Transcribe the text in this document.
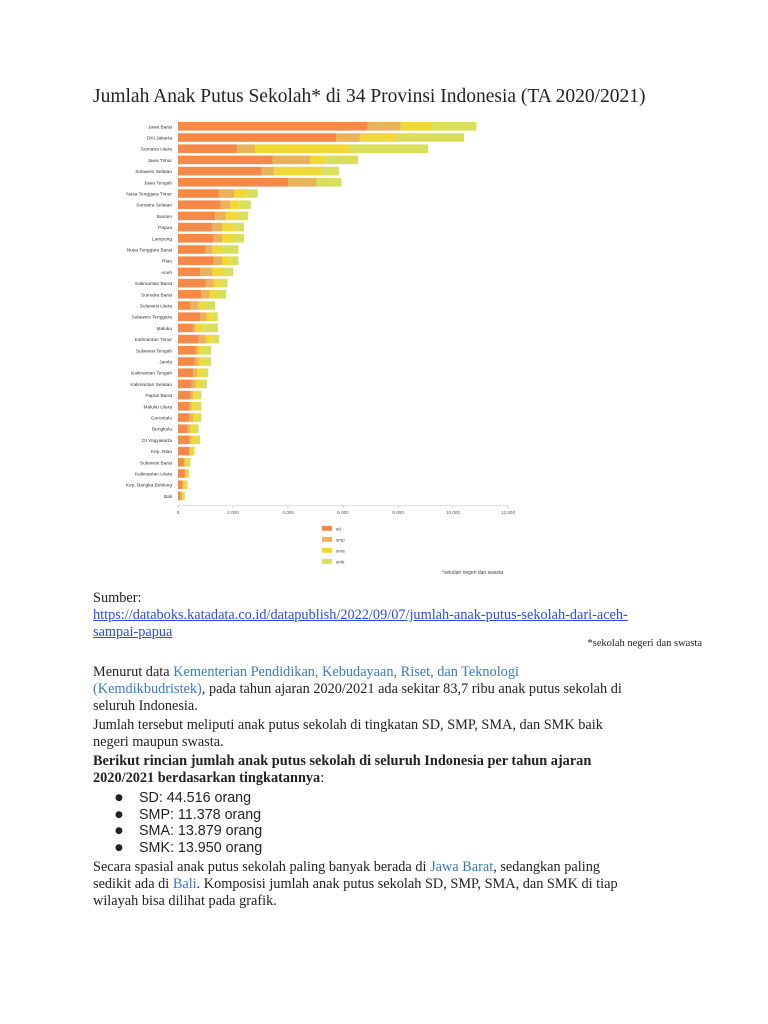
Jumlah Anak Putus Sekolah* di 34 Provinsi Indonesia (TA 2020/2021)
Jawa Barat
DKI Jakarta
Sumatra Utara
Jawa Timur
Sulawesi Selatan
Jawa Tengah
Nusa Tenggara Timur
Sumatra Selatan
Banten
Papua
Lampung
Nusa Tenggara Barat
Riau
Aceh
Kalimantan Barat
Sumatra Barat
Sulawesi Utara
Sulawesi Tenggara
Maluku
Kalimantan Timur
Sulawesi Tengah
Jambi
Kalimantan Tengah
Kalimantan Selatan
Papua Barat
Maluku Utara
Gorontalo
Bengkulu
DI Yogyakarta
Kep. Riau
Sulawesi Barat
Kalimantan Utara
Kep. Bangka Belitung
Bali
0	2.000	4.000	6.000	8.000	10.000	12.000
sd
smp
sma
smk
*sekolah negeri dan swasta
Sumber:
https://databoks.katadata.co.id/datapublish/2022/09/07/jumlah-anak-putus-sekolah-dari-aceh-
sampai-papua
*sekolah negeri dan swasta
Menurut data Kementerian Pendidikan, Kebudayaan, Riset, dan Teknologi
(Kemdikbudristek), pada tahun ajaran 2020/2021 ada sekitar 83,7 ribu anak putus sekolah di
seluruh Indonesia.
Jumlah tersebut meliputi anak putus sekolah di tingkatan SD, SMP, SMA, dan SMK baik
negeri maupun swasta.
Berikut rincian jumlah anak putus sekolah di seluruh Indonesia per tahun ajaran
2020/2021 berdasarkan tingkatannya:
● SD: 44.516 orang
● SMP: 11.378 orang
● SMA: 13.879 orang
● SMK: 13.950 orang
Secara spasial anak putus sekolah paling banyak berada di Jawa Barat, sedangkan paling
sedikit ada di Bali. Komposisi jumlah anak putus sekolah SD, SMP, SMA, dan SMK di tiap
wilayah bisa dilihat pada grafik.
